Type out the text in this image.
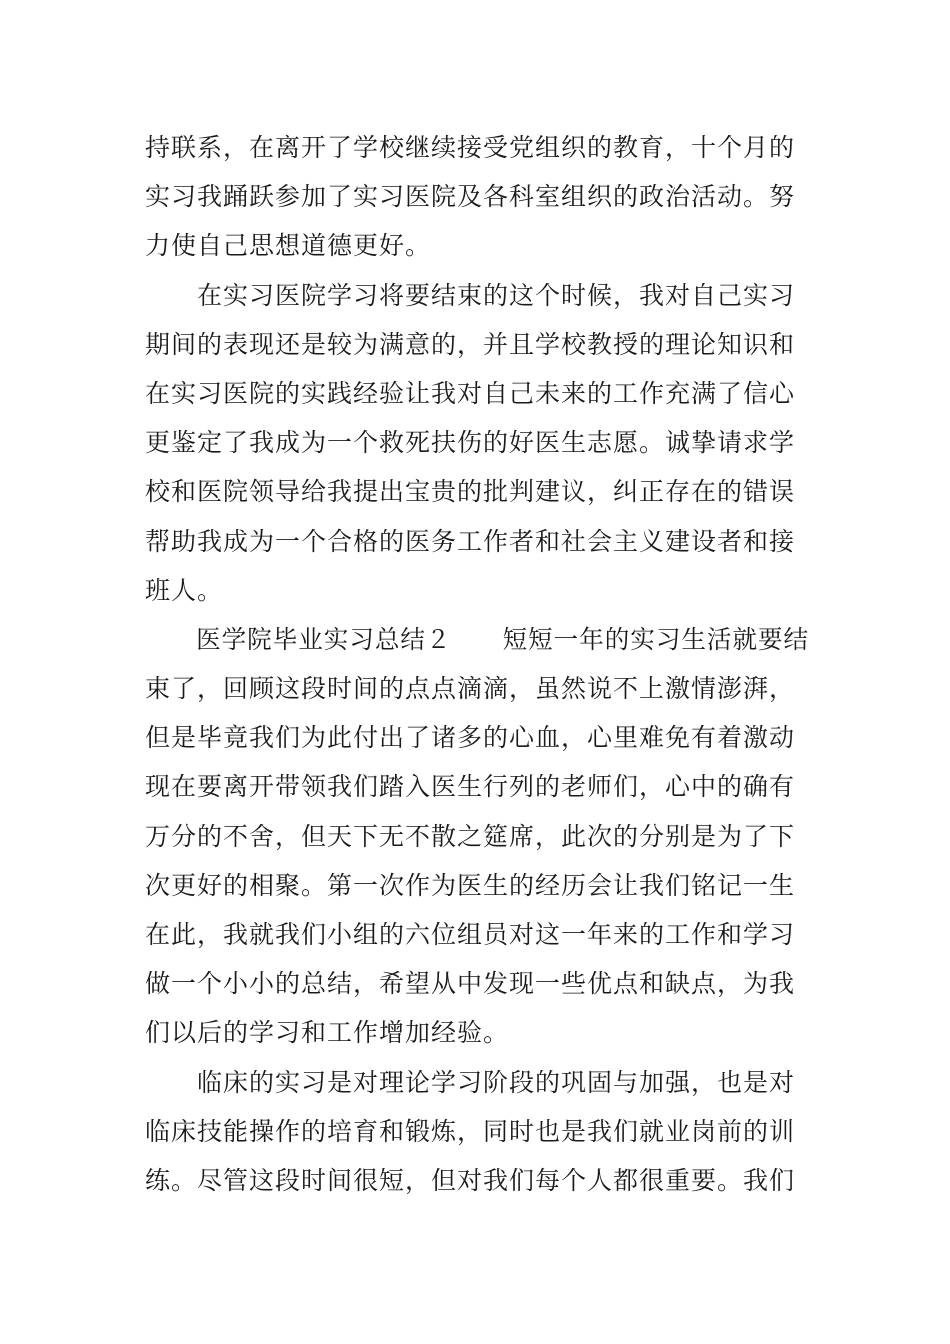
持联系，在离开了学校继续接受党组织的教育，十个月的
实习我踊跃参加了实习医院及各科室组织的政治活动。努
力使自己思想道德更好。
在实习医院学习将要结束的这个时候，我对自己实习
期间的表现还是较为满意的，并且学校教授的理论知识和
在实习医院的实践经验让我对自己未来的工作充满了信心
更鉴定了我成为一个救死扶伤的好医生志愿。诚挚请求学
校和医院领导给我提出宝贵的批判建议，纠正存在的错误
帮助我成为一个合格的医务工作者和社会主义建设者和接
班人。
医学院毕业实习总结２　　短短一年的实习生活就要结
束了，回顾这段时间的点点滴滴，虽然说不上激情澎湃，
但是毕竟我们为此付出了诸多的心血，心里难免有着激动
现在要离开带领我们踏入医生行列的老师们，心中的确有
万分的不舍，但天下无不散之筵席，此次的分别是为了下
次更好的相聚。第一次作为医生的经历会让我们铭记一生
在此，我就我们小组的六位组员对这一年来的工作和学习
做一个小小的总结，希望从中发现一些优点和缺点，为我
们以后的学习和工作增加经验。
临床的实习是对理论学习阶段的巩固与加强，也是对
临床技能操作的培育和锻炼，同时也是我们就业岗前的训
练。尽管这段时间很短，但对我们每个人都很重要。我们
